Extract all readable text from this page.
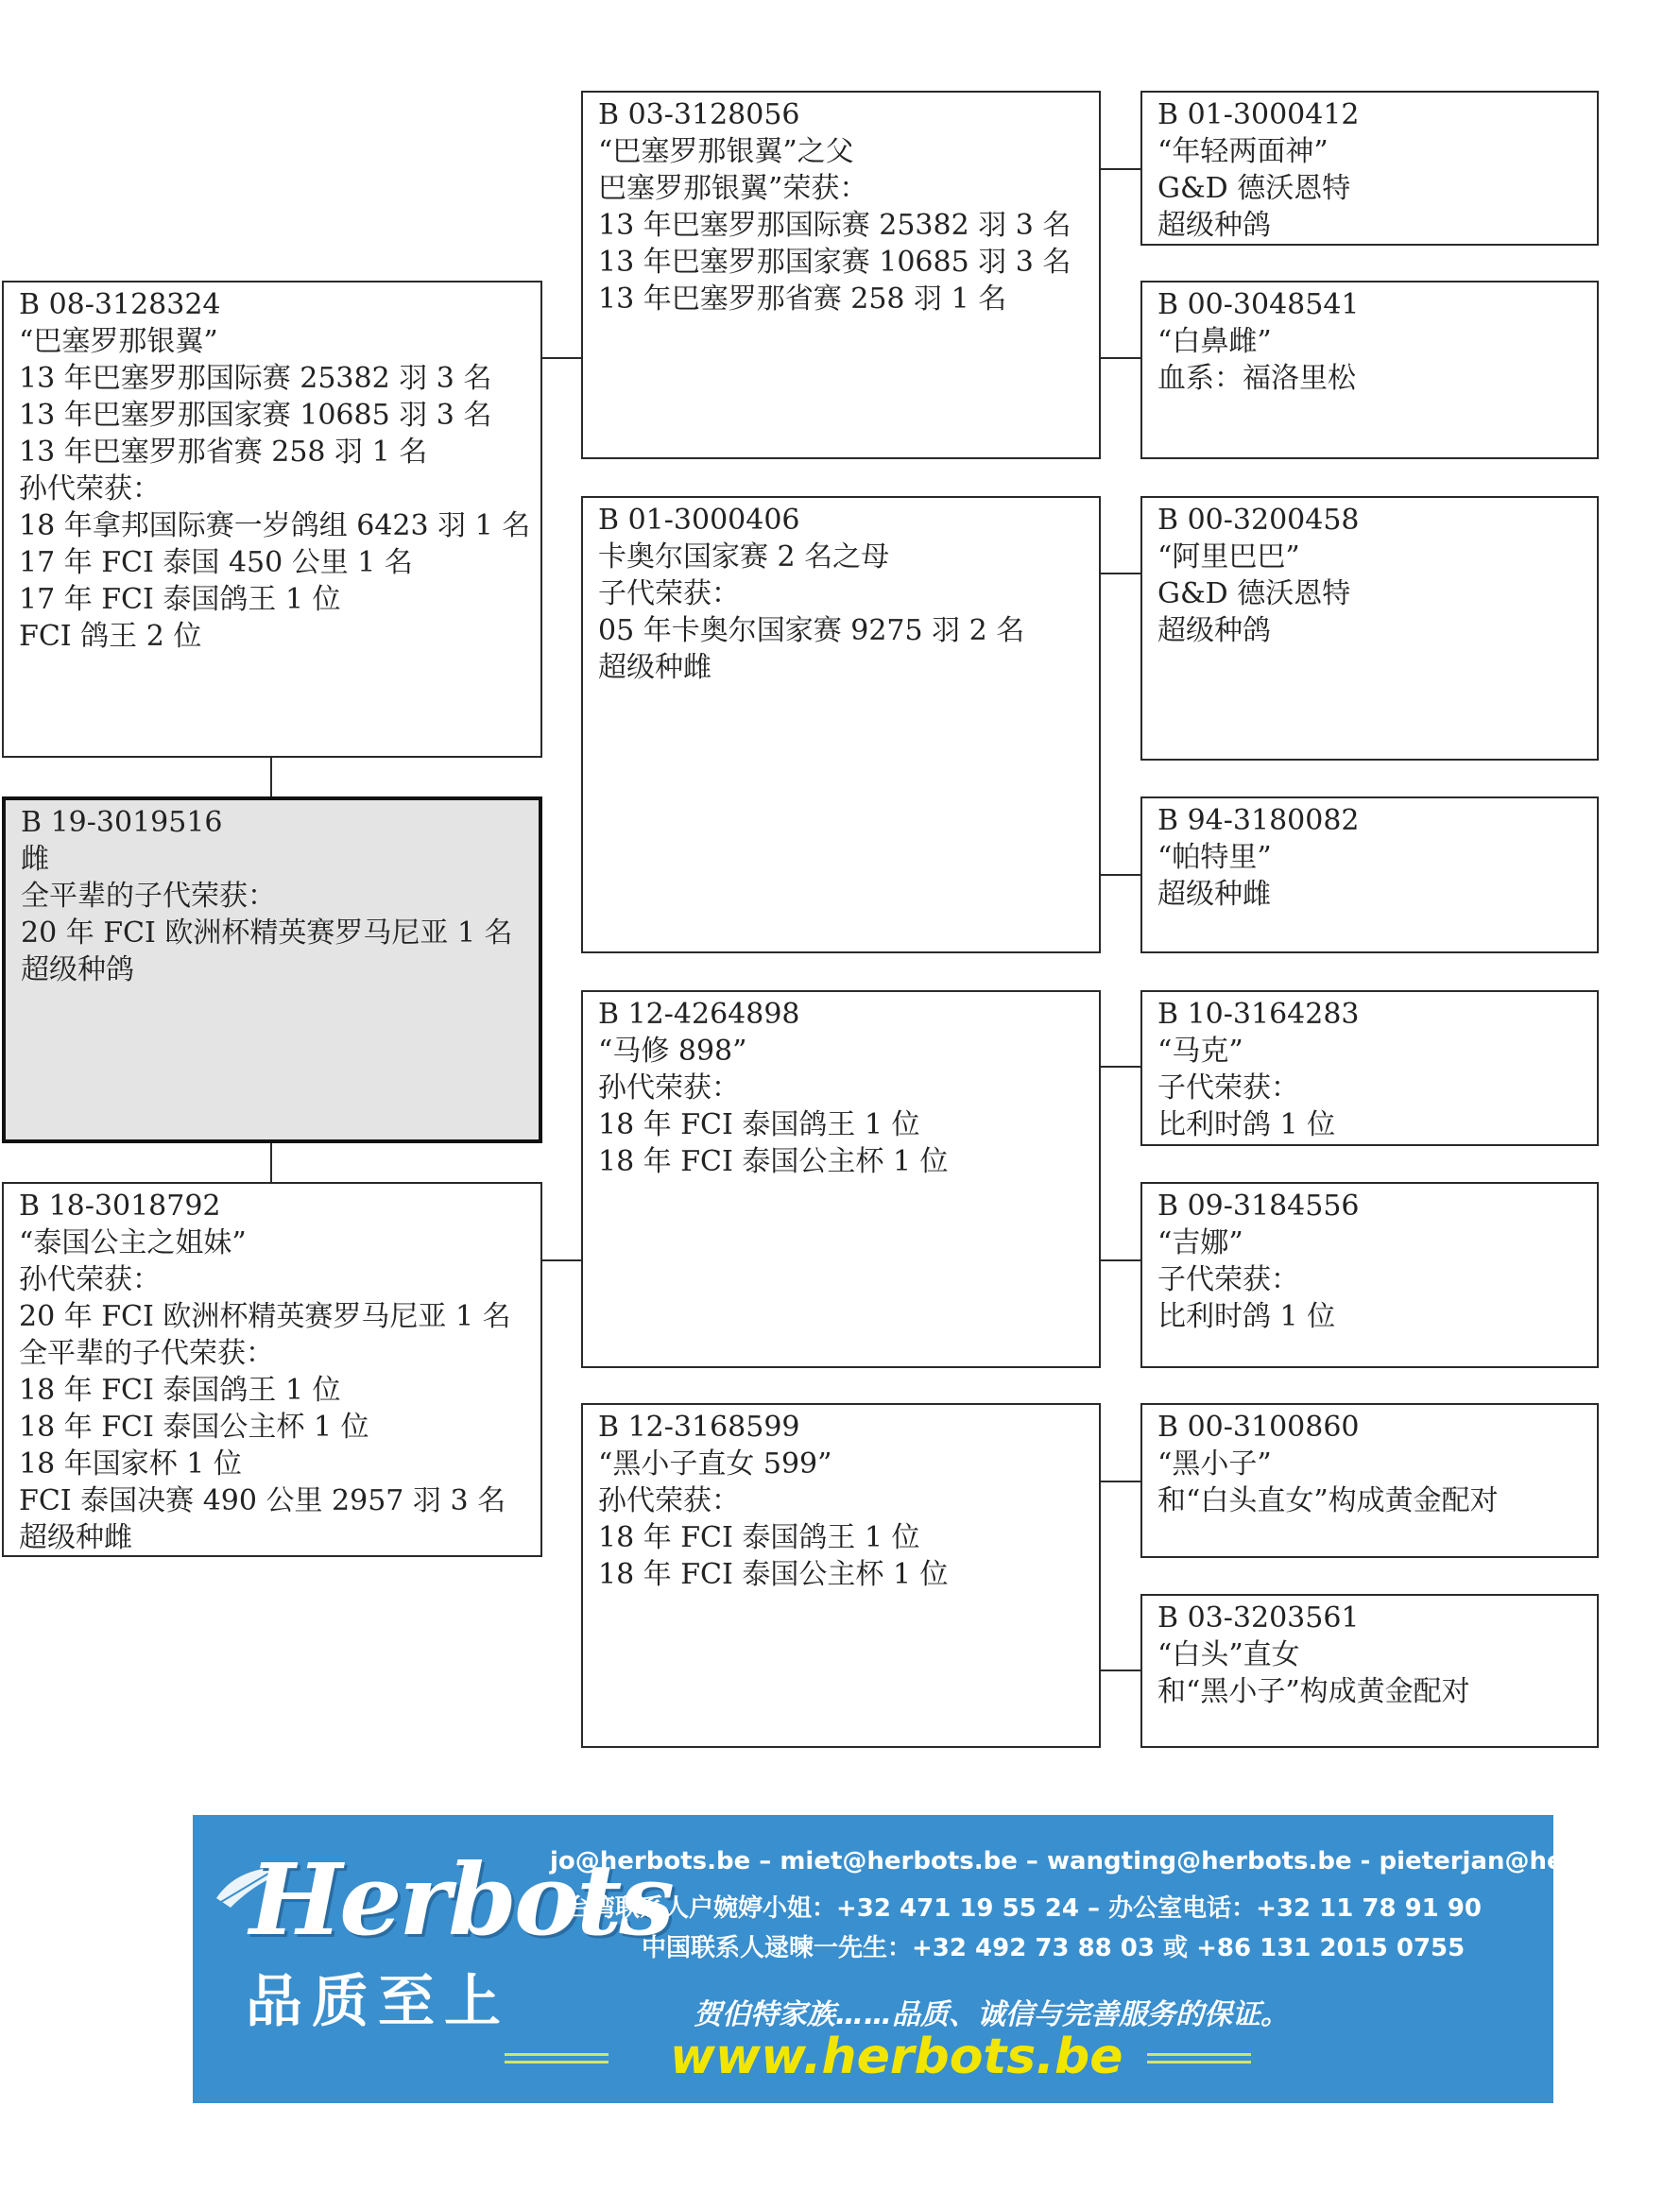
B 08-3128324
“巴塞罗那银翼”
13 年巴塞罗那国际赛 25382 羽 3 名
13 年巴塞罗那国家赛 10685 羽 3 名
13 年巴塞罗那省赛 258 羽 1 名
孙代荣获：
18 年拿邦国际赛一岁鸽组 6423 羽 1 名
17 年 FCI 泰国 450 公里 1 名
17 年 FCI 泰国鸽王 1 位
FCI 鸽王 2 位
B 19-3019516
雌
全平辈的子代荣获：
20 年 FCI 欧洲杯精英赛罗马尼亚 1 名
超级种鸽
B 18-3018792
“泰国公主之姐妹”
孙代荣获：
20 年 FCI 欧洲杯精英赛罗马尼亚 1 名
全平辈的子代荣获：
18 年 FCI 泰国鸽王 1 位
18 年 FCI 泰国公主杯 1 位
18 年国家杯 1 位
FCI 泰国决赛 490 公里 2957 羽 3 名
超级种雌
B 03-3128056
“巴塞罗那银翼”之父
巴塞罗那银翼”荣获：
13 年巴塞罗那国际赛 25382 羽 3 名
13 年巴塞罗那国家赛 10685 羽 3 名
13 年巴塞罗那省赛 258 羽 1 名
B 01-3000406
卡奥尔国家赛 2 名之母
子代荣获：
05 年卡奥尔国家赛 9275 羽 2 名
超级种雌
B 12-4264898
“马修 898”
孙代荣获：
18 年 FCI 泰国鸽王 1 位
18 年 FCI 泰国公主杯 1 位
B 12-3168599
“黑小子直女 599”
孙代荣获：
18 年 FCI 泰国鸽王 1 位
18 年 FCI 泰国公主杯 1 位
B 01-3000412
“年轻两面神”
G&D 德沃恩特
超级种鸽
B 00-3048541
“白鼻雌”
血系：福洛里松
B 00-3200458
“阿里巴巴”
G&D 德沃恩特
超级种鸽
B 94-3180082
“帕特里”
超级种雌
B 10-3164283
“马克”
子代荣获：
比利时鸽 1 位
B 09-3184556
“吉娜”
子代荣获：
比利时鸽 1 位
B 00-3100860
“黑小子”
和“白头直女”构成黄金配对
B 03-3203561
“白头”直女
和“黑小子”构成黄金配对
Herbots
品质至上
jo@herbots.be – miet@herbots.be – wangting@herbots.be - pieterjan@herbots.be
台湾联系人户婉婷小姐：+32 471 19 55 24 – 办公室电话：+32 11 78 91 90
中国联系人逯暕一先生：+32 492 73 88 03 或 +86 131 2015 0755
贺伯特家族……品质、诚信与完善服务的保证。
www.herbots.be
